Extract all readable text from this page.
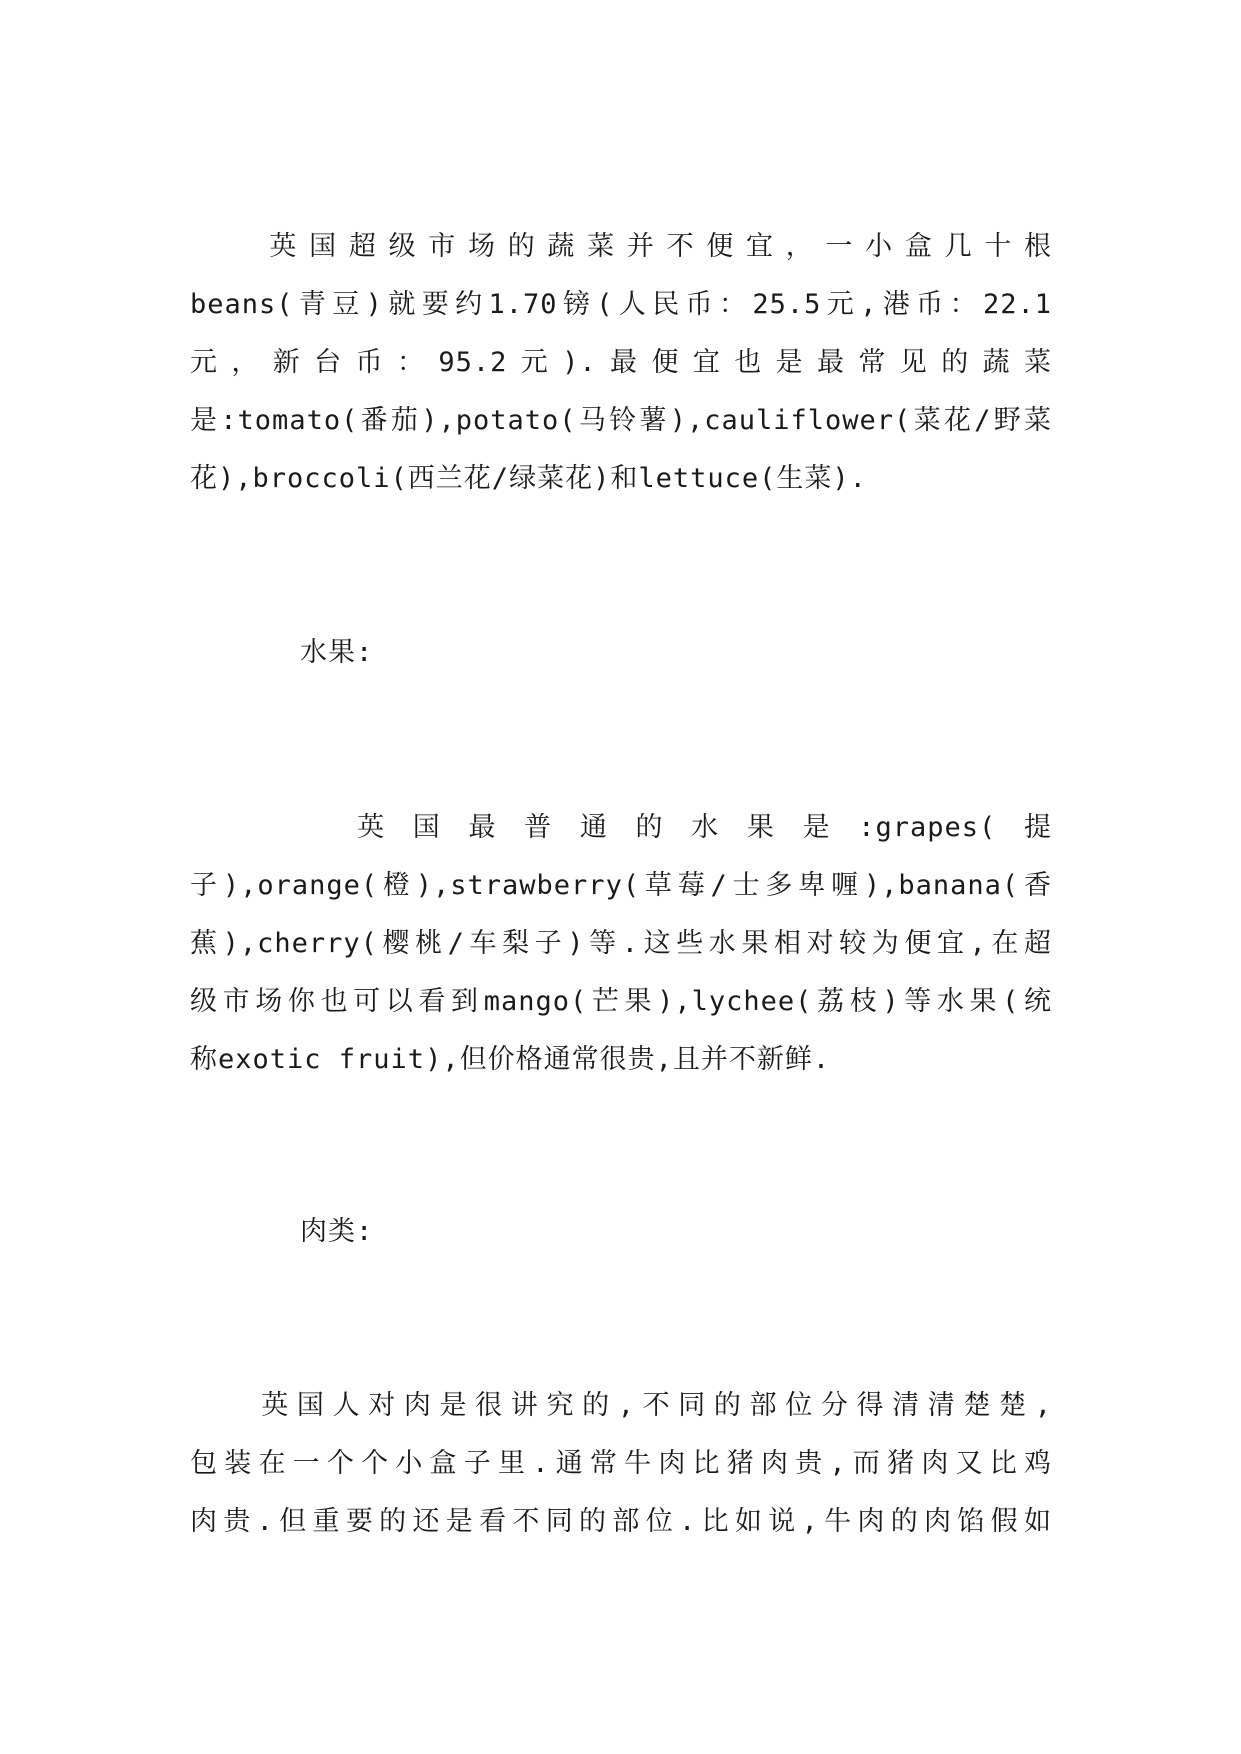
　　英国超级市场的蔬菜并不便宜，一小盒几十根
beans(青豆)就要约1.70镑(人民币：25.5元,港币：22.1
元，新台币：95.2元).最便宜也是最常见的蔬菜
是:tomato(番茄),potato(马铃薯),cauliflower(菜花/野菜
花),broccoli(西兰花/绿菜花)和lettuce(生菜).
水果:
　　　英国最普通的水果是:grapes(提
子),orange(橙),strawberry(草莓/士多卑喱),banana(香
蕉),cherry(樱桃/车梨子)等.这些水果相对较为便宜,在超
级市场你也可以看到mango(芒果),lychee(荔枝)等水果(统
称exotic fruit),但价格通常很贵,且并不新鲜.
肉类:
　　英国人对肉是很讲究的,不同的部位分得清清楚楚,
包装在一个个小盒子里.通常牛肉比猪肉贵,而猪肉又比鸡
肉贵.但重要的还是看不同的部位.比如说,牛肉的肉馅假如
